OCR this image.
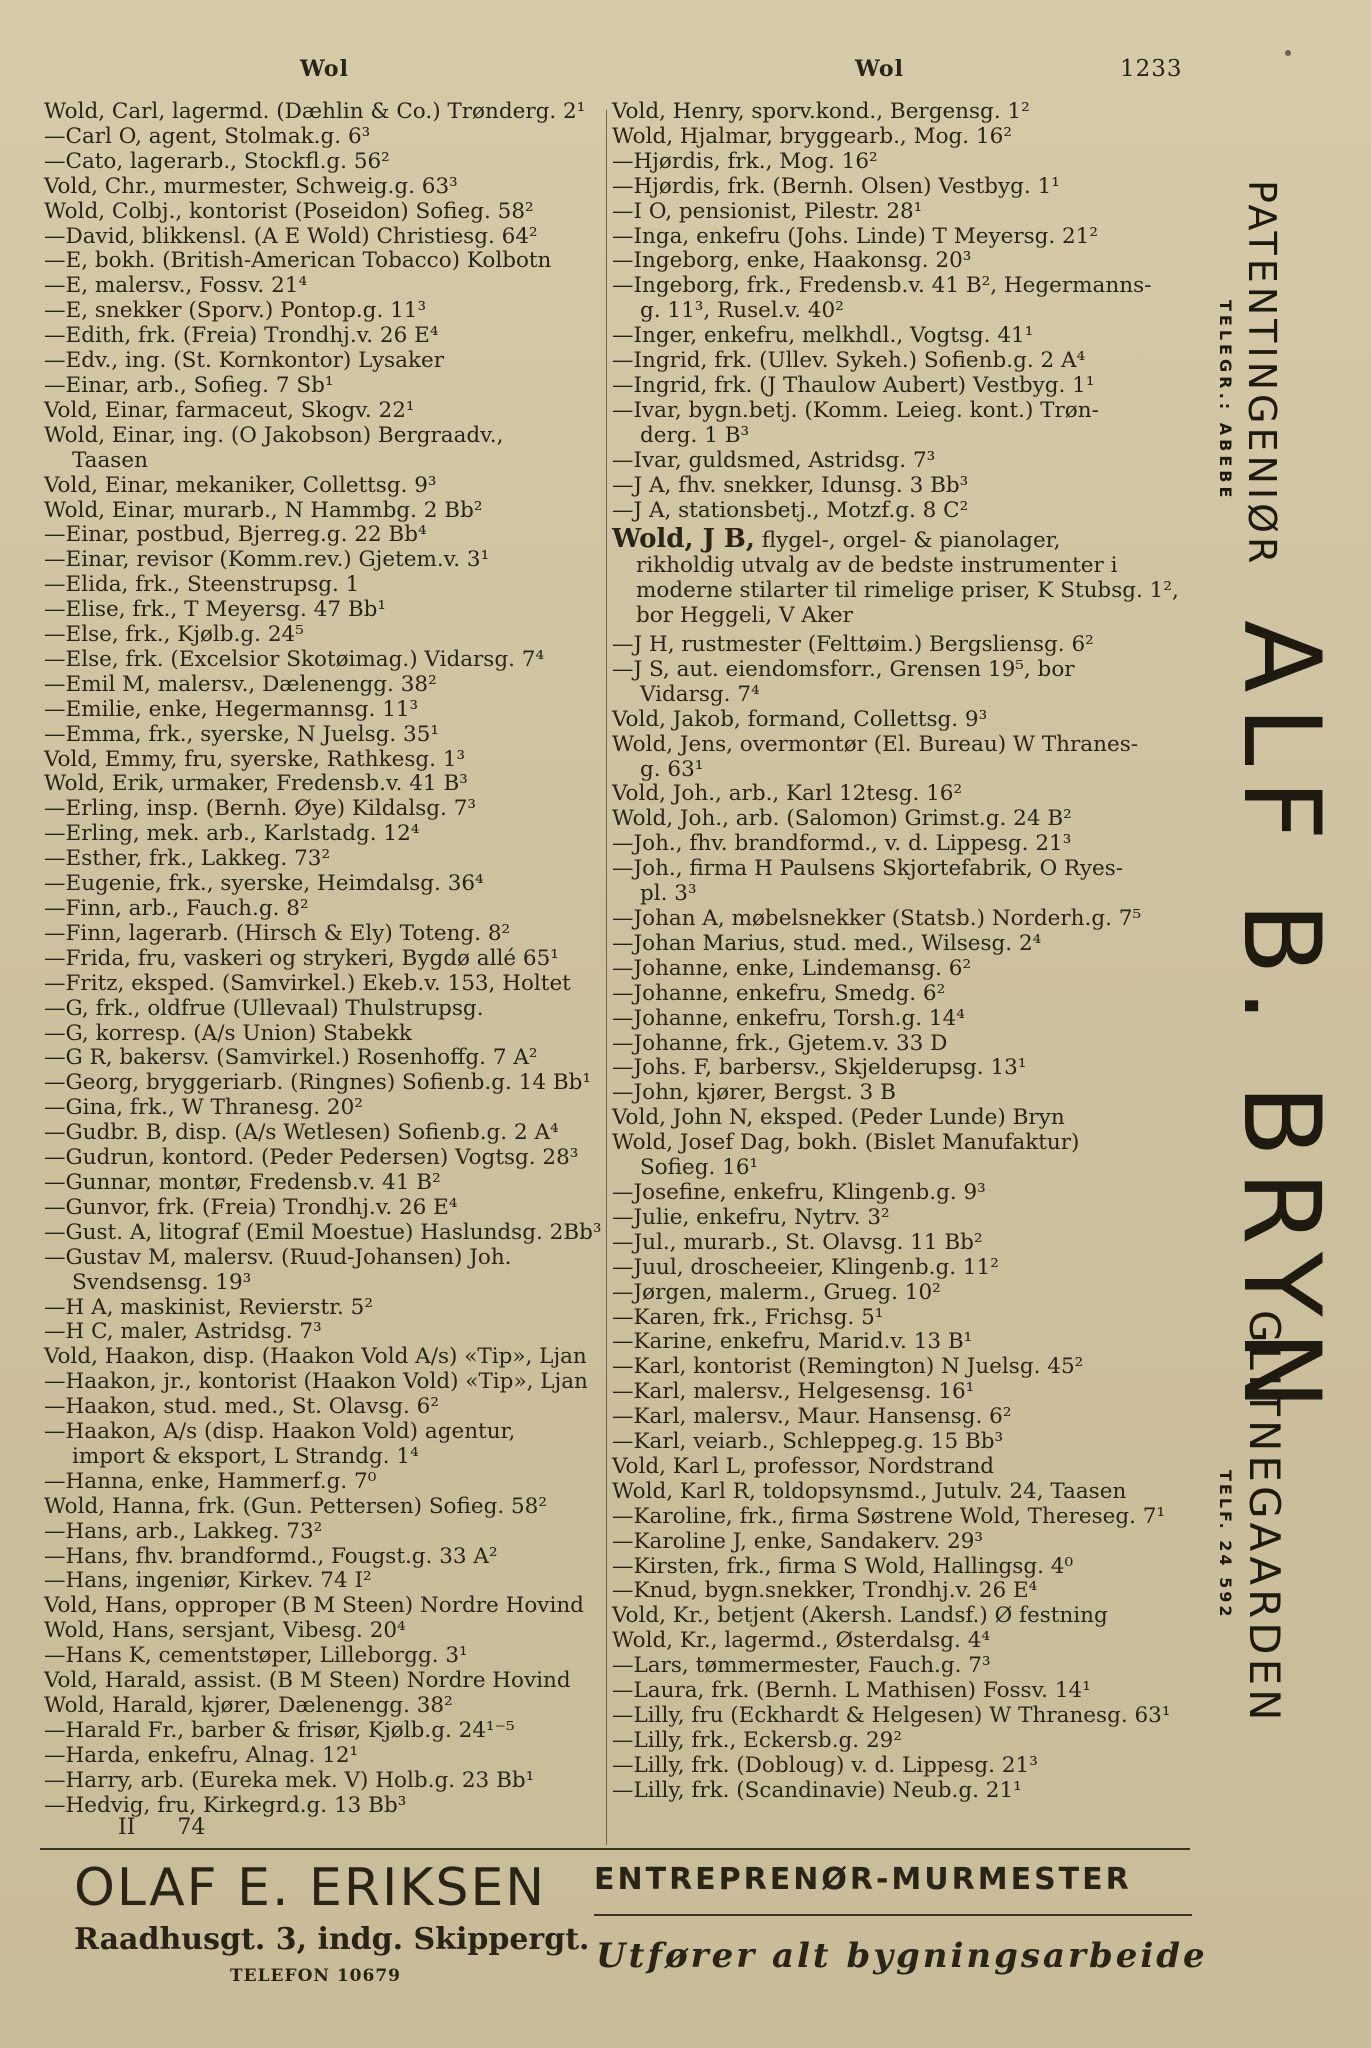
Wol	Wol	1233
Wold, Carl, lagermd. (Dæhlin & Co.) Trønderg. 2¹
—Carl O, agent, Stolmak.g. 6³
—Cato, lagerarb., Stockfl.g. 56²
Vold, Chr., murmester, Schweig.g. 63³
Wold, Colbj., kontorist (Poseidon) Sofieg. 58²
—David, blikkensl. (A E Wold) Christiesg. 64²
—E, bokh. (British-American Tobacco) Kolbotn
—E, malersv., Fossv. 21⁴
—E, snekker (Sporv.) Pontop.g. 11³
—Edith, frk. (Freia) Trondhj.v. 26 E⁴
—Edv., ing. (St. Kornkontor) Lysaker
—Einar, arb., Sofieg. 7 Sb¹
Vold, Einar, farmaceut, Skogv. 22¹
Wold, Einar, ing. (O Jakobson) Bergraadv.,
Taasen
Vold, Einar, mekaniker, Collettsg. 9³
Wold, Einar, murarb., N Hammbg. 2 Bb²
—Einar, postbud, Bjerreg.g. 22 Bb⁴
—Einar, revisor (Komm.rev.) Gjetem.v. 3¹
—Elida, frk., Steenstrupsg. 1
—Elise, frk., T Meyersg. 47 Bb¹
—Else, frk., Kjølb.g. 24⁵
—Else, frk. (Excelsior Skotøimag.) Vidarsg. 7⁴
—Emil M, malersv., Dælenengg. 38²
—Emilie, enke, Hegermannsg. 11³
—Emma, frk., syerske, N Juelsg. 35¹
Vold, Emmy, fru, syerske, Rathkesg. 1³
Wold, Erik, urmaker, Fredensb.v. 41 B³
—Erling, insp. (Bernh. Øye) Kildalsg. 7³
—Erling, mek. arb., Karlstadg. 12⁴
—Esther, frk., Lakkeg. 73²
—Eugenie, frk., syerske, Heimdalsg. 36⁴
—Finn, arb., Fauch.g. 8²
—Finn, lagerarb. (Hirsch & Ely) Toteng. 8²
—Frida, fru, vaskeri og strykeri, Bygdø allé 65¹
—Fritz, eksped. (Samvirkel.) Ekeb.v. 153, Holtet
—G, frk., oldfrue (Ullevaal) Thulstrupsg.
—G, korresp. (A/s Union) Stabekk
—G R, bakersv. (Samvirkel.) Rosenhoffg. 7 A²
—Georg, bryggeriarb. (Ringnes) Sofienb.g. 14 Bb¹
—Gina, frk., W Thranesg. 20²
—Gudbr. B, disp. (A/s Wetlesen) Sofienb.g. 2 A⁴
—Gudrun, kontord. (Peder Pedersen) Vogtsg. 28³
—Gunnar, montør, Fredensb.v. 41 B²
—Gunvor, frk. (Freia) Trondhj.v. 26 E⁴
—Gust. A, litograf (Emil Moestue) Haslundsg. 2Bb³
—Gustav M, malersv. (Ruud-Johansen) Joh.
Svendsensg. 19³
—H A, maskinist, Revierstr. 5²
—H C, maler, Astridsg. 7³
Vold, Haakon, disp. (Haakon Vold A/s) «Tip», Ljan
—Haakon, jr., kontorist (Haakon Vold) «Tip», Ljan
—Haakon, stud. med., St. Olavsg. 6²
—Haakon, A/s (disp. Haakon Vold) agentur,
import & eksport, L Strandg. 1⁴
—Hanna, enke, Hammerf.g. 7⁰
Wold, Hanna, frk. (Gun. Pettersen) Sofieg. 58²
—Hans, arb., Lakkeg. 73²
—Hans, fhv. brandformd., Fougst.g. 33 A²
—Hans, ingeniør, Kirkev. 74 I²
Vold, Hans, opproper (B M Steen) Nordre Hovind
Wold, Hans, sersjant, Vibesg. 20⁴
—Hans K, cementstøper, Lilleborgg. 3¹
Vold, Harald, assist. (B M Steen) Nordre Hovind
Wold, Harald, kjører, Dælenengg. 38²
—Harald Fr., barber & frisør, Kjølb.g. 24¹⁻⁵
—Harda, enkefru, Alnag. 12¹
—Harry, arb. (Eureka mek. V) Holb.g. 23 Bb¹
—Hedvig, fru, Kirkegrd.g. 13 Bb³
Vold, Henry, sporv.kond., Bergensg. 1²
Wold, Hjalmar, bryggearb., Mog. 16²
—Hjørdis, frk., Mog. 16²
—Hjørdis, frk. (Bernh. Olsen) Vestbyg. 1¹
—I O, pensionist, Pilestr. 28¹
—Inga, enkefru (Johs. Linde) T Meyersg. 21²
—Ingeborg, enke, Haakonsg. 20³
—Ingeborg, frk., Fredensb.v. 41 B², Hegermanns-
g. 11³, Rusel.v. 40²
—Inger, enkefru, melkhdl., Vogtsg. 41¹
—Ingrid, frk. (Ullev. Sykeh.) Sofienb.g. 2 A⁴
—Ingrid, frk. (J Thaulow Aubert) Vestbyg. 1¹
—Ivar, bygn.betj. (Komm. Leieg. kont.) Trøn-
derg. 1 B³
—Ivar, guldsmed, Astridsg. 7³
—J A, fhv. snekker, Idunsg. 3 Bb³
—J A, stationsbetj., Motzf.g. 8 C²
Wold, J B, flygel-, orgel- & pianolager,
rikholdig utvalg av de bedste instrumenter i
moderne stilarter til rimelige priser, K Stubsg. 1²,
bor Heggeli, V Aker
—J H, rustmester (Felttøim.) Bergsliensg. 6²
—J S, aut. eiendomsforr., Grensen 19⁵, bor
Vidarsg. 7⁴
Vold, Jakob, formand, Collettsg. 9³
Wold, Jens, overmontør (El. Bureau) W Thranes-
g. 63¹
Vold, Joh., arb., Karl 12tesg. 16²
Wold, Joh., arb. (Salomon) Grimst.g. 24 B²
—Joh., fhv. brandformd., v. d. Lippesg. 21³
—Joh., firma H Paulsens Skjortefabrik, O Ryes-
pl. 3³
—Johan A, møbelsnekker (Statsb.) Norderh.g. 7⁵
—Johan Marius, stud. med., Wilsesg. 2⁴
—Johanne, enke, Lindemansg. 6²
—Johanne, enkefru, Smedg. 6²
—Johanne, enkefru, Torsh.g. 14⁴
—Johanne, frk., Gjetem.v. 33 D
—Johs. F, barbersv., Skjelderupsg. 13¹
—John, kjører, Bergst. 3 B
Vold, John N, eksped. (Peder Lunde) Bryn
Wold, Josef Dag, bokh. (Bislet Manufaktur)
Sofieg. 16¹
—Josefine, enkefru, Klingenb.g. 9³
—Julie, enkefru, Nytrv. 3²
—Jul., murarb., St. Olavsg. 11 Bb²
—Juul, droscheeier, Klingenb.g. 11²
—Jørgen, malerm., Grueg. 10²
—Karen, frk., Frichsg. 5¹
—Karine, enkefru, Marid.v. 13 B¹
—Karl, kontorist (Remington) N Juelsg. 45²
—Karl, malersv., Helgesensg. 16¹
—Karl, malersv., Maur. Hansensg. 6²
—Karl, veiarb., Schleppeg.g. 15 Bb³
Vold, Karl L, professor, Nordstrand
Wold, Karl R, toldopsynsmd., Jutulv. 24, Taasen
—Karoline, frk., firma Søstrene Wold, Thereseg. 7¹
—Karoline J, enke, Sandakerv. 29³
—Kirsten, frk., firma S Wold, Hallingsg. 4⁰
—Knud, bygn.snekker, Trondhj.v. 26 E⁴
Vold, Kr., betjent (Akersh. Landsf.) Ø festning
Wold, Kr., lagermd., Østerdalsg. 4⁴
—Lars, tømmermester, Fauch.g. 7³
—Laura, frk. (Bernh. L Mathisen) Fossv. 14¹
—Lilly, fru (Eckhardt & Helgesen) W Thranesg. 63¹
—Lilly, frk., Eckersb.g. 29²
—Lilly, frk. (Dobloug) v. d. Lippesg. 21³
—Lilly, frk. (Scandinavie) Neub.g. 21¹
II      74
OLAF E. ERIKSEN
Raadhusgt. 3, indg. Skippergt.
TELEFON 10679
ENTREPRENØR-MURMESTER
Utfører alt bygningsarbeide
PATENTINGENIØR
TELEGR.: ABEBE
ALF B. BRYN
GLITNEGAARDEN
TELF. 24 592
